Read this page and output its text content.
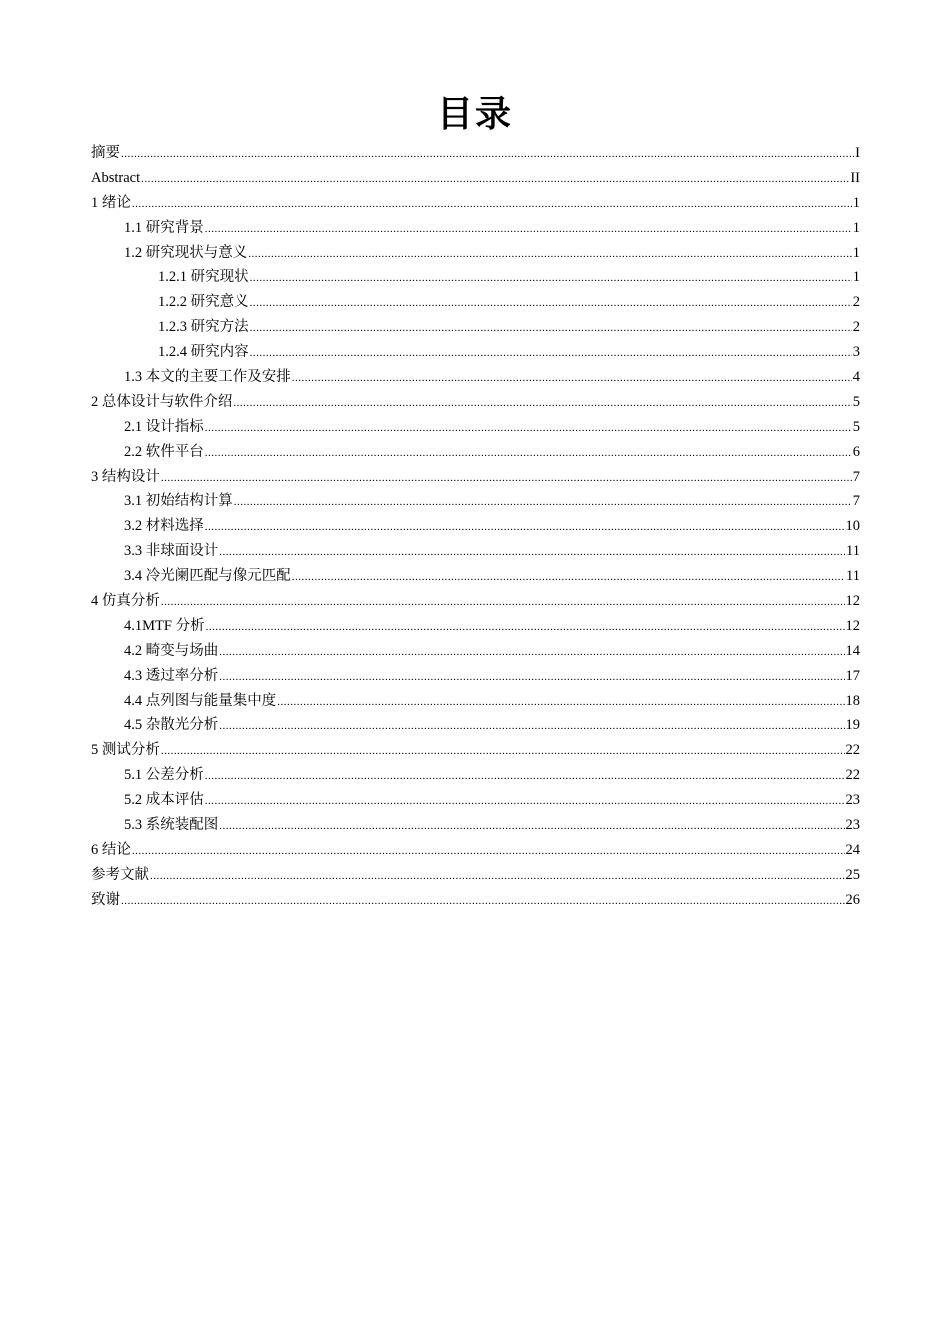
目录
摘要 .....	I
Abstract .....	II
1 绪论 .....	1
1.1 研究背景 .....	1
1.2 研究现状与意义 .....	1
1.2.1 研究现状 .....	1
1.2.2 研究意义 .....	2
1.2.3 研究方法 .....	2
1.2.4 研究内容 .....	3
1.3 本文的主要工作及安排 .....	4
2 总体设计与软件介绍 .....	5
2.1 设计指标 .....	5
2.2 软件平台 .....	6
3 结构设计 .....	7
3.1 初始结构计算 .....	7
3.2 材料选择 .....	10
3.3 非球面设计 .....	11
3.4 冷光阑匹配与像元匹配 .....	11
4 仿真分析 .....	12
4.1MTF 分析 .....	12
4.2 畸变与场曲 .....	14
4.3 透过率分析 .....	17
4.4 点列图与能量集中度 .....	18
4.5 杂散光分析 .....	19
5 测试分析 .....	22
5.1 公差分析 .....	22
5.2 成本评估 .....	23
5.3 系统装配图 .....	23
6 结论 .....	24
参考文献 .....	25
致谢 .....	26
